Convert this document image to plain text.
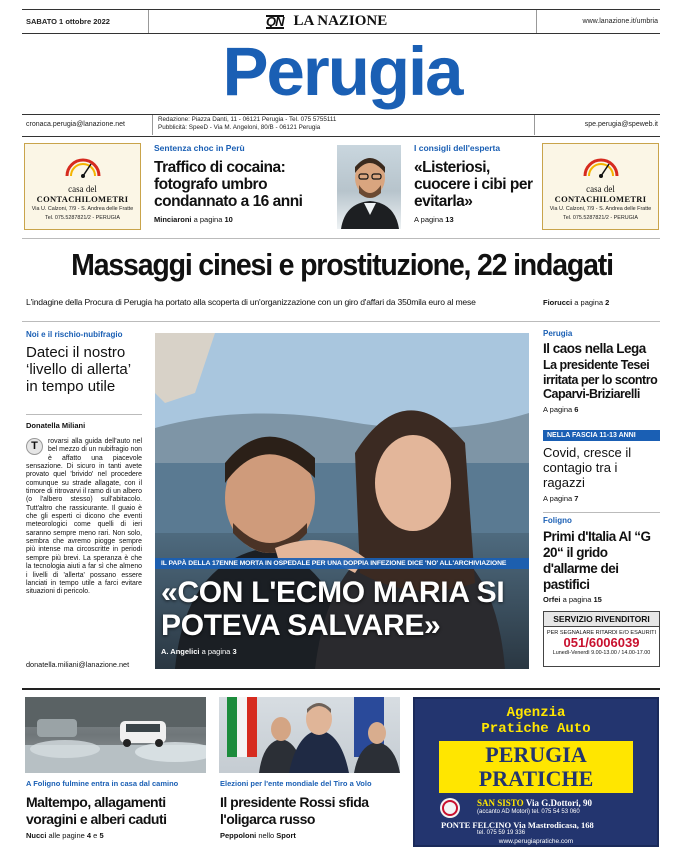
SABATO 1 ottobre 2022	QN LA NAZIONE	www.lanazione.it/umbria
Perugia
cronaca.perugia@lanazione.net
Redazione: Piazza Danti, 11 - 06121 Perugia - Tel. 075 5755111
Pubblicità: SpeeD - Via M. Angeloni, 80/B - 06121 Perugia	spe.perugia@speweb.it
casa del
CONTACHILOMETRI
Via U. Calzoni, 7/9 - S. Andrea delle Fratte
Tel. 075.5287821/2 - PERUGIA
Sentenza choc in Perù
Traffico di cocaina: fotografo umbro condannato a 16 anni
Minciaroni a pagina 10
I consigli dell'esperta
«Listeriosi, cuocere i cibi per evitarla»
A pagina 13
casa del
CONTACHILOMETRI
Via U. Calzoni, 7/9 - S. Andrea delle Fratte
Tel. 075.5287821/2 - PERUGIA
Massaggi cinesi e prostituzione, 22 indagati
L'indagine della Procura di Perugia ha portato alla scoperta di un'organizzazione con un giro d'affari da 350mila euro al mese	Fiorucci a pagina 2
Noi e il rischio-nubifragio
Dateci il nostro ‘livello di allerta’ in tempo utile
Donatella Miliani
T	rovarsi alla guida dell'auto nel bel mezzo di un nubifragio non è affatto una piacevole sensazione. Di sicuro in tanti avete provato quel 'brivido' nel procedere comunque su strade allagate, con il timore di ritrovarvi il ramo di un albero (o l'albero stesso) sull'abitacolo. Tutt'altro che rassicurante. Il guaio è che gli esperti ci dicono che eventi meteorologici come quelli di ieri saranno sempre meno rari. Non solo, sembra che avremo piogge sempre più intense ma circoscritte in periodi sempre più brevi. La speranza è che la tecnologia aiuti a far sì che almeno i livelli di 'allerta' possano essere lanciati in tempo utile a farci evitare situazioni di pericolo.
donatella.miliani@lanazione.net
IL PAPÀ DELLA 17ENNE MORTA IN OSPEDALE PER UNA DOPPIA INFEZIONE DICE 'NO' ALL'ARCHIVIAZIONE
«CON L'ECMO MARIA SI POTEVA SALVARE»
A. Angelici a pagina 3
Perugia
Il caos nella Lega
La presidente Tesei irritata per lo scontro Caparvi-Briziarelli
A pagina 6
NELLA FASCIA 11-13 ANNI
Covid, cresce il contagio tra i ragazzi
A pagina 7
Foligno
Primi d'Italia Al “G 20“ il grido d'allarme dei pastifici
Orfei a pagina 15
SERVIZIO RIVENDITORI
PER SEGNALARE RITARDI E/O ESAURITI
051/6006039
Lunedì-Venerdì 9.00-13.00 / 14.00-17.00
A Foligno fulmine entra in casa dal camino
Maltempo, allagamenti voragini e alberi caduti
Nucci alle pagine 4 e 5
Elezioni per l'ente mondiale del Tiro a Volo
Il presidente Rossi sfida l'oligarca russo
Peppoloni nello Sport
Agenzia
Pratiche Auto
PERUGIA
PRATICHE
SAN SISTO Via G.Dottori, 90
(accanto AD Motori) tel. 075 54 53 060
PONTE FELCINO Via Mastrodicasa, 168
tel. 075 59 19 336
www.perugiapratiche.com
